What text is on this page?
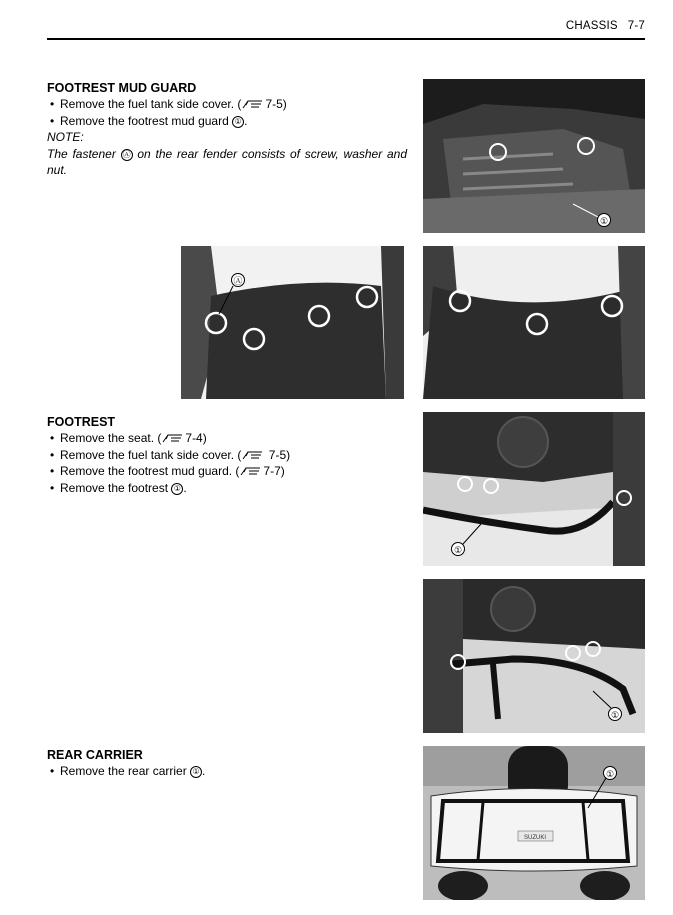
CHASSIS 7-7
FOOTREST MUD GUARD
• Remove the fuel tank side cover. ( 7-5)
• Remove the footrest mud guard ① .
NOTE:
The fastener Ⓐ on the rear fender consists of screw, washer and nut.
FOOTREST
• Remove the seat. ( 7-4)
• Remove the fuel tank side cover. ( 7-5)
• Remove the footrest mud guard. ( 7-7)
• Remove the footrest ① .
REAR CARRIER
• Remove the rear carrier ① .
①
Ⓐ
①
①
SUZUKI
①
